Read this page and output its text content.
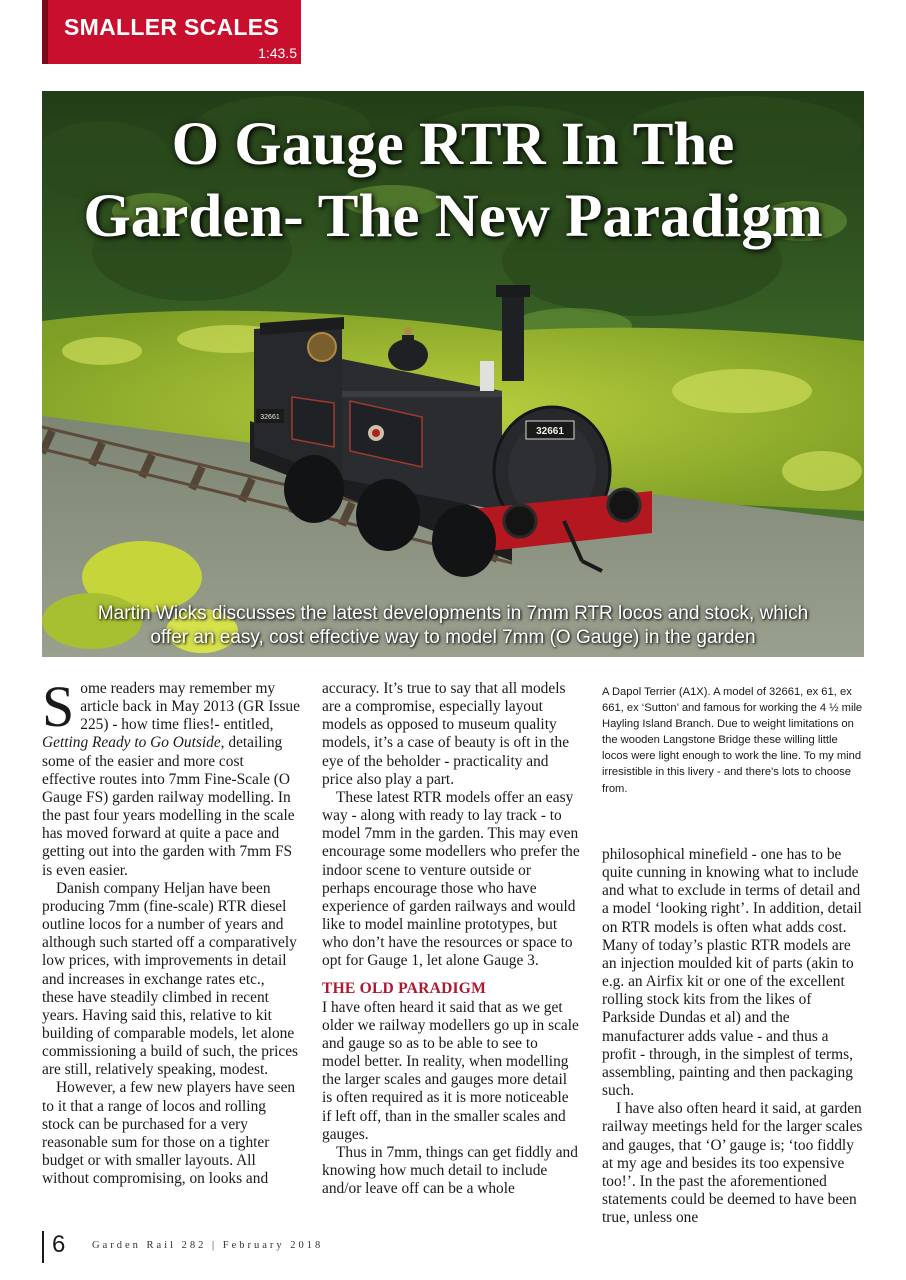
SMALLER SCALES
1:43.5
32661
32661
O Gauge RTR In The
Garden- The New Paradigm
Martin Wicks discusses the latest developments in 7mm RTR locos and stock, which
offer an easy, cost effective way to model 7mm (O Gauge) in the garden

Some readers may remember my article back in May 2013 (GR Issue 225) - how time flies!- entitled, Getting Ready to Go Outside, detailing some of the easier and more cost effective routes into 7mm Fine-Scale (O Gauge FS) garden railway modelling. In the past four years modelling in the scale has moved forward at quite a pace and getting out into the garden with 7mm FS is even easier.

Danish company Heljan have been producing 7mm (fine-scale) RTR diesel outline locos for a number of years and although such started off a comparatively low prices, with improvements in detail and increases in exchange rates etc., these have steadily climbed in recent years. Having said this, relative to kit building of comparable models, let alone commissioning a build of such, the prices are still, relatively speaking, modest.

However, a few new players have seen to it that a range of locos and rolling stock can be purchased for a very reasonable sum for those on a tighter budget or with smaller layouts. All without compromising, on looks and

accuracy. It’s true to say that all models are a compromise, especially layout models as opposed to museum quality models, it’s a case of beauty is oft in the eye of the beholder - practicality and price also play a part.

These latest RTR models offer an easy way - along with ready to lay track - to model 7mm in the garden. This may even encourage some modellers who prefer the indoor scene to venture outside or perhaps encourage those who have experience of garden railways and would like to model mainline prototypes, but who don’t have the resources or space to opt for Gauge 1, let alone Gauge 3.

THE OLD PARADIGM

I have often heard it said that as we get older we railway modellers go up in scale and gauge so as to be able to see to model better. In reality, when modelling the larger scales and gauges more detail is often required as it is more noticeable if left off, than in the smaller scales and gauges.

Thus in 7mm, things can get fiddly and knowing how much detail to include and/or leave off can be a whole

A Dapol Terrier (A1X). A model of 32661, ex 61, ex 661, ex ‘Sutton’ and famous for working the 4 ½ mile Hayling Island Branch. Due to weight limitations on the wooden Langstone Bridge these willing little locos were light enough to work the line. To my mind irresistible in this livery - and there's lots to choose from.

philosophical minefield - one has to be quite cunning in knowing what to include and what to exclude in terms of detail and a model ‘looking right’. In addition, detail on RTR models is often what adds cost. Many of today’s plastic RTR models are an injection moulded kit of parts (akin to e.g. an Airfix kit or one of the excellent rolling stock kits from the likes of Parkside Dundas et al) and the manufacturer adds value - and thus a profit - through, in the simplest of terms, assembling, painting and then packaging such.

I have also often heard it said, at garden railway meetings held for the larger scales and gauges, that ‘O’ gauge is; ‘too fiddly at my age and besides its too expensive too!’. In the past the aforementioned statements could be deemed to have been true, unless one

6	Garden Rail 282 | February 2018
